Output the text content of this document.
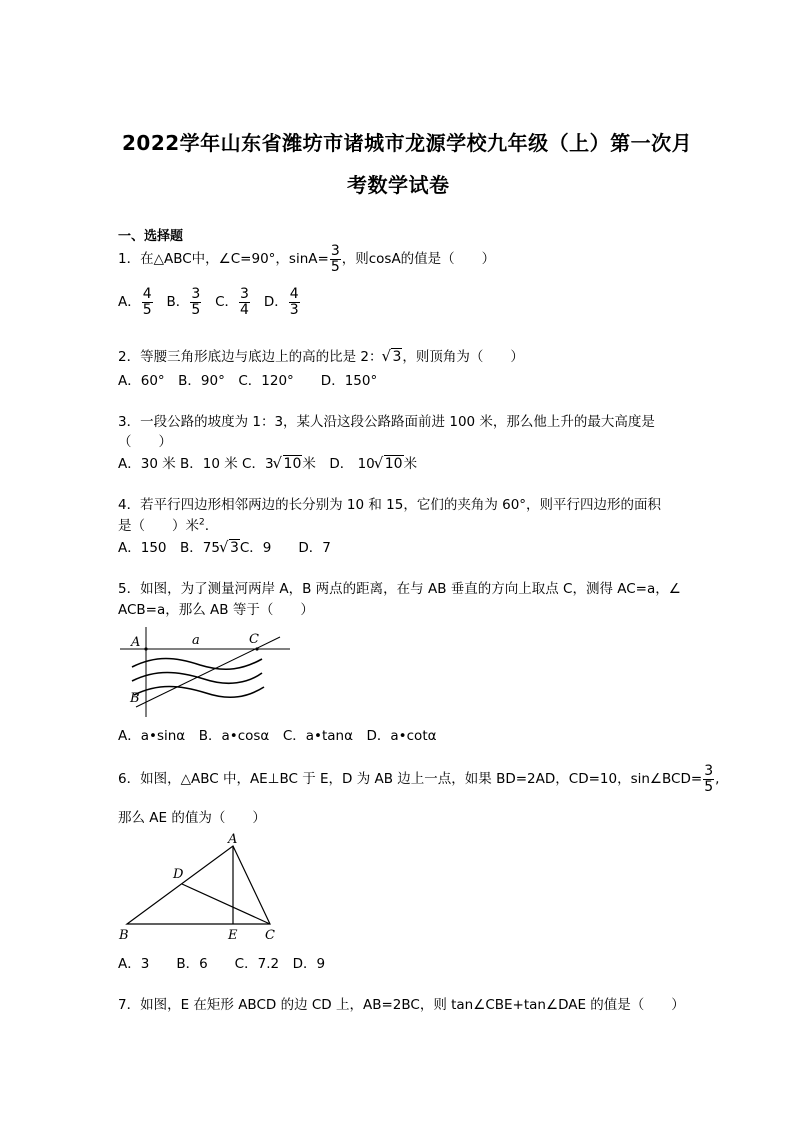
2022学年山东省潍坊市诸城市龙源学校九年级（上）第一次月
考数学试卷
一、选择题
1．在△ABC中，∠C=90°，$\sin A= \frac{3}{5}$ ，则cosA的值是（　　）
A． $\frac{4}{5}$ B． $\frac{3}{5}$ C． $\frac{3}{4}$ D． $\frac{4}{3}$
2．等腰三角形底边与底边上的高的比是 2： √ 3，则顶角为（　　）
A．60°　B．90°　C．120°　　D．150°
3．一段公路的坡度为 1：3，某人沿这段公路路面前进 100 米，那么他上升的最大高度是
（　　）
A．30 米 B．10 米 C．3 √ 10米　D． 10 √ 10米
4．若平行四边形相邻两边的长分别为 10 和 15，它们的夹角为 60°，则平行四边形的面积
是（　　）米$^2$.
A．150　B．75 √ 3C．9　　D．7
5．如图，为了测量河两岸 A，B 两点的距离，在与 AB 垂直的方向上取点 C，测得 AC=a，∠
ACB=a，那么 AB 等于（　　）
A	a	C
B
A．a•sinα　B．a•cosα　C．a•tanα　D．a•cotα
6．如图，△ABC 中，AE⊥BC 于 E，D 为 AB 边上一点，如果 BD=2AD，CD=10，sin∠BCD= $\frac{3}{5}$ ,
那么 AE 的值为（　　）
A
D
B	E C
A．3　　B．6　　C．7.2　D．9
7．如图，E 在矩形 ABCD 的边 CD 上，AB=2BC，则 tan∠CBE+tan∠DAE 的值是（　　）
